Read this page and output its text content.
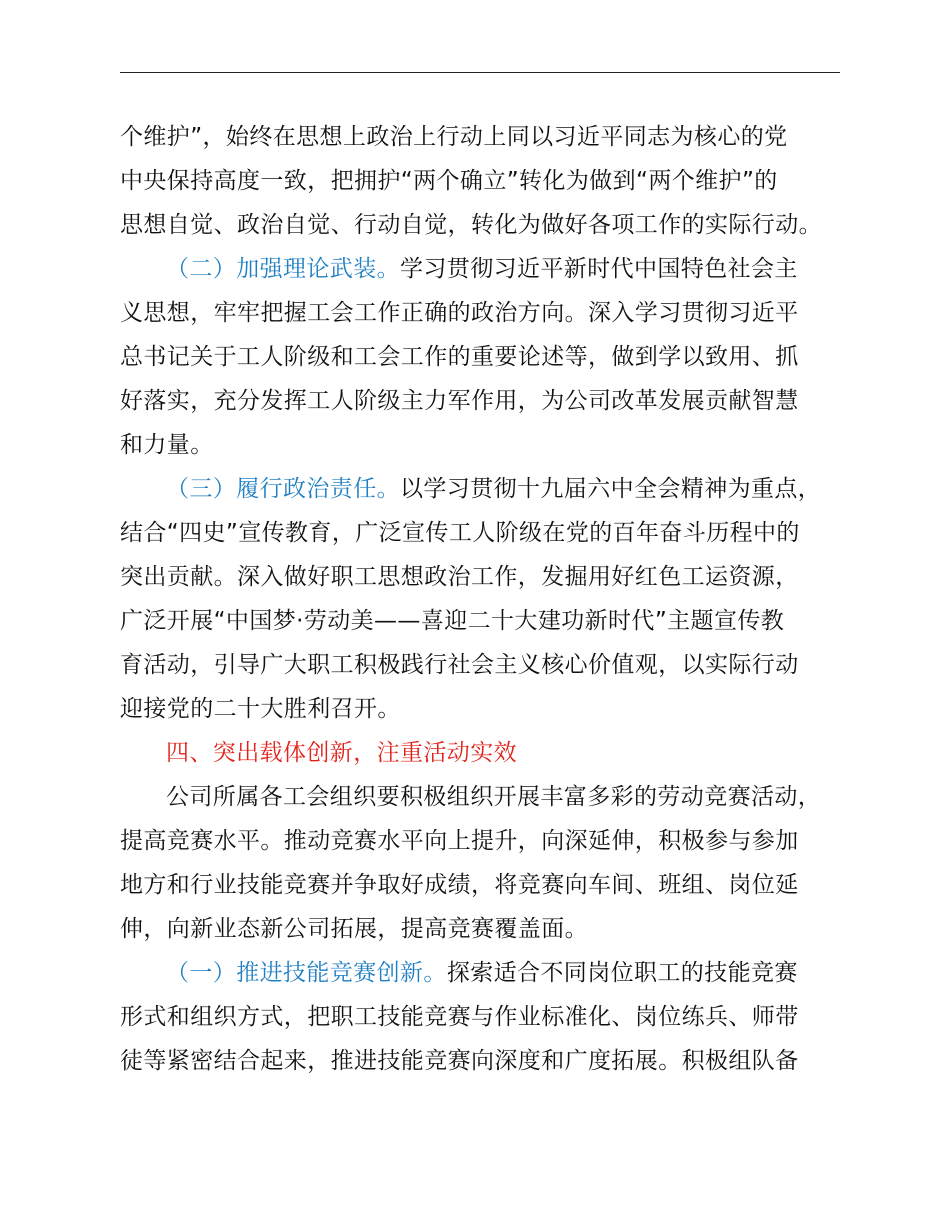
个维护”，始终在思想上政治上行动上同以习近平同志为核心的党
中央保持高度一致，把拥护“两个确立”转化为做到“两个维护”的
思想自觉、政治自觉、行动自觉，转化为做好各项工作的实际行动。
（二）加强理论武装。学习贯彻习近平新时代中国特色社会主
义思想，牢牢把握工会工作正确的政治方向。深入学习贯彻习近平
总书记关于工人阶级和工会工作的重要论述等，做到学以致用、抓
好落实，充分发挥工人阶级主力军作用，为公司改革发展贡献智慧
和力量。
（三）履行政治责任。以学习贯彻十九届六中全会精神为重点，
结合“四史”宣传教育，广泛宣传工人阶级在党的百年奋斗历程中的
突出贡献。深入做好职工思想政治工作，发掘用好红色工运资源，
广泛开展“中国梦·劳动美——喜迎二十大建功新时代”主题宣传教
育活动，引导广大职工积极践行社会主义核心价值观，以实际行动
迎接党的二十大胜利召开。
四、突出载体创新，注重活动实效
公司所属各工会组织要积极组织开展丰富多彩的劳动竞赛活动，
提高竞赛水平。推动竞赛水平向上提升，向深延伸，积极参与参加
地方和行业技能竞赛并争取好成绩，将竞赛向车间、班组、岗位延
伸，向新业态新公司拓展，提高竞赛覆盖面。
（一）推进技能竞赛创新。探索适合不同岗位职工的技能竞赛
形式和组织方式，把职工技能竞赛与作业标准化、岗位练兵、师带
徒等紧密结合起来，推进技能竞赛向深度和广度拓展。积极组队备
